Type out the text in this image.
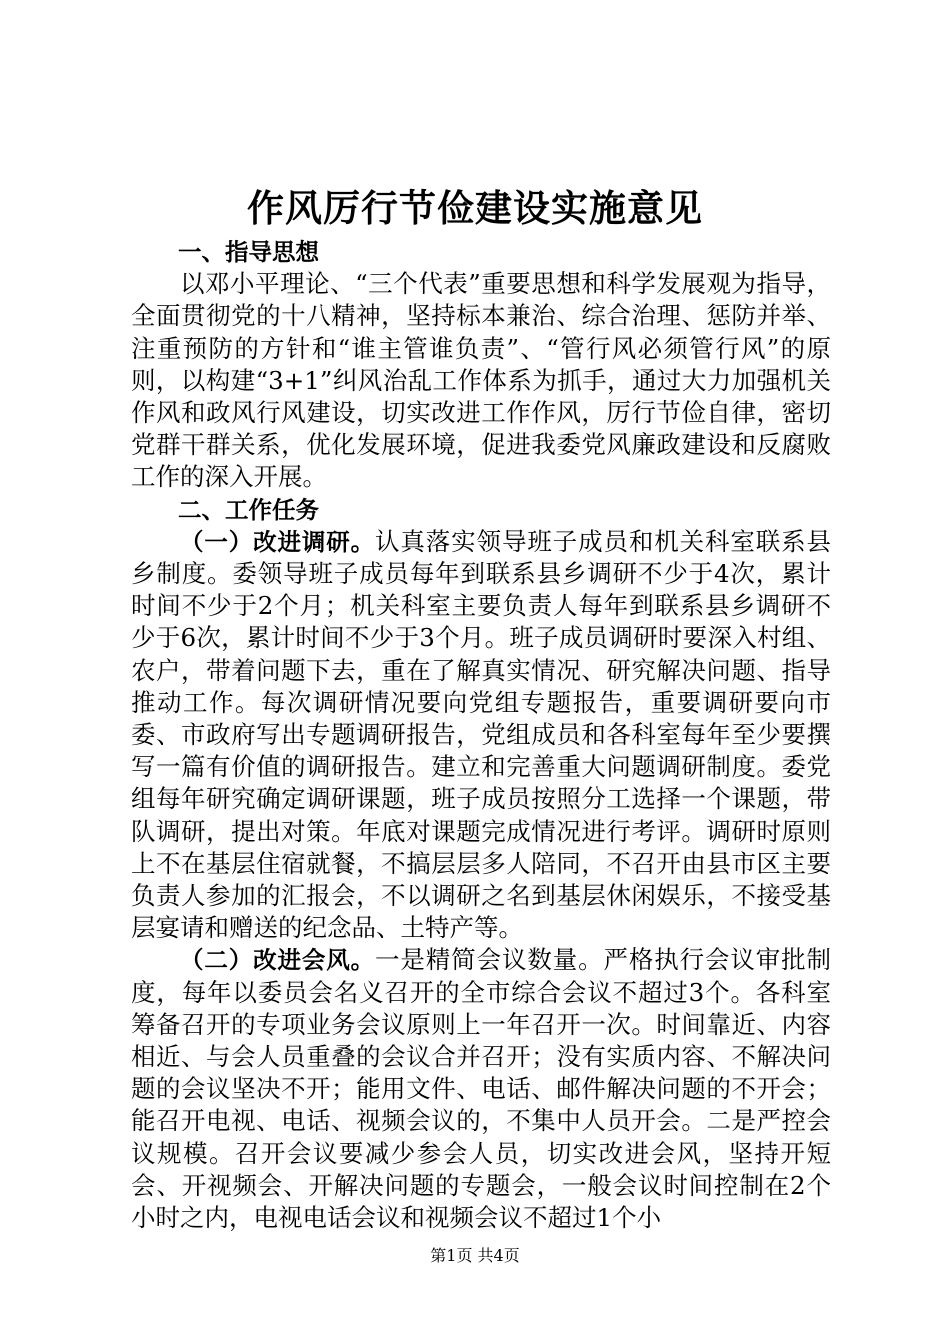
作风厉行节俭建设实施意见

一、指导思想

以邓小平理论、“三个代表”重要思想和科学发展观为指导，全面贯彻党的十八精神，坚持标本兼治、综合治理、惩防并举、注重预防的方针和“谁主管谁负责”、“管行风必须管行风”的原则，以构建“3+1”纠风治乱工作体系为抓手，通过大力加强机关作风和政风行风建设，切实改进工作作风，厉行节俭自律，密切党群干群关系，优化发展环境，促进我委党风廉政建设和反腐败工作的深入开展。

二、工作任务

（一）改进调研。认真落实领导班子成员和机关科室联系县乡制度。委领导班子成员每年到联系县乡调研不少于4次，累计时间不少于2个月；机关科室主要负责人每年到联系县乡调研不少于6次，累计时间不少于3个月。班子成员调研时要深入村组、农户，带着问题下去，重在了解真实情况、研究解决问题、指导推动工作。每次调研情况要向党组专题报告，重要调研要向市委、市政府写出专题调研报告，党组成员和各科室每年至少要撰写一篇有价值的调研报告。建立和完善重大问题调研制度。委党组每年研究确定调研课题，班子成员按照分工选择一个课题，带队调研，提出对策。年底对课题完成情况进行考评。调研时原则上不在基层住宿就餐，不搞层层多人陪同，不召开由县市区主要负责人参加的汇报会，不以调研之名到基层休闲娱乐，不接受基层宴请和赠送的纪念品、土特产等。

（二）改进会风。一是精简会议数量。严格执行会议审批制度，每年以委员会名义召开的全市综合会议不超过3个。各科室筹备召开的专项业务会议原则上一年召开一次。时间靠近、内容相近、与会人员重叠的会议合并召开；没有实质内容、不解决问题的会议坚决不开；能用文件、电话、邮件解决问题的不开会；能召开电视、电话、视频会议的，不集中人员开会。二是严控会议规模。召开会议要减少参会人员，切实改进会风，坚持开短会、开视频会、开解决问题的专题会，一般会议时间控制在2个小时之内，电视电话会议和视频会议不超过1个小

第1页 共4页
